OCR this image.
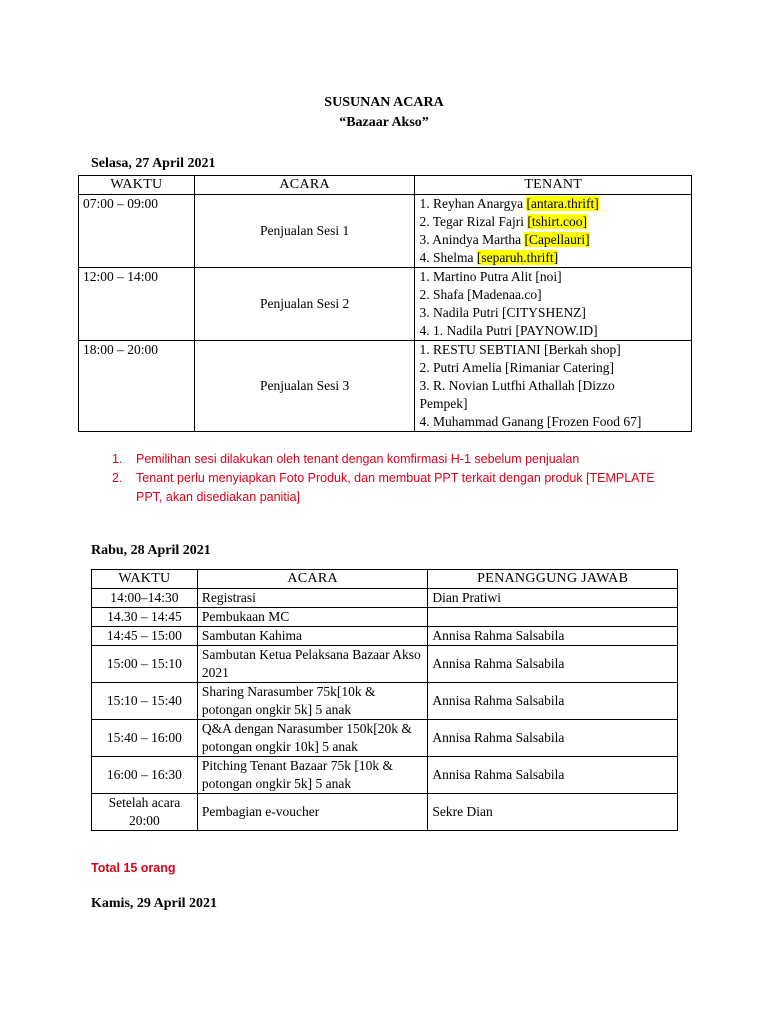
SUSUNAN ACARA
“Bazaar Akso”
Selasa, 27 April 2021
WAKTU	ACARA	TENANT
07:00 – 09:00	Penjualan Sesi 1	1. Reyhan Anargya [antara.thrift]
2. Tegar Rizal Fajri [tshirt.coo]
3. Anindya Martha [Capellauri]
4. Shelma [separuh.thrift]

12:00 – 14:00	Penjualan Sesi 2	1. Martino Putra Alit [noi]
2. Shafa [Madenaa.co]
3. Nadila Putri [CITYSHENZ]
4. 1. Nadila Putri [PAYNOW.ID]

18:00 – 20:00	Penjualan Sesi 3	1. RESTU SEBTIANI [Berkah shop]
2. Putri Amelia [Rimaniar Catering]
3. R. Novian Lutfhi Athallah [Dizzo
Pempek]
4. Muhammad Ganang [Frozen Food 67]
1. Pemilihan sesi dilakukan oleh tenant dengan komfirmasi H-1 sebelum penjualan
2. Tenant perlu menyiapkan Foto Produk, dan membuat PPT terkait dengan produk [TEMPLATE PPT, akan disediakan panitia]
Rabu, 28 April 2021
WAKTU	ACARA	PENANGGUNG JAWAB
14:00–14:30	Registrasi	Dian Pratiwi
14.30 – 14:45	Pembukaan MC	
14:45 – 15:00	Sambutan Kahima	Annisa Rahma Salsabila
15:00 – 15:10	Sambutan Ketua Pelaksana Bazaar Akso 2021	Annisa Rahma Salsabila
15:10 – 15:40	Sharing Narasumber 75k[10k & potongan ongkir 5k] 5 anak	Annisa Rahma Salsabila
15:40 – 16:00	Q&A dengan Narasumber 150k[20k & potongan ongkir 10k] 5 anak	Annisa Rahma Salsabila
16:00 – 16:30	Pitching Tenant Bazaar 75k [10k & potongan ongkir 5k] 5 anak	Annisa Rahma Salsabila
Setelah acara 20:00	Pembagian e-voucher	Sekre Dian
Total 15 orang
Kamis, 29 April 2021
